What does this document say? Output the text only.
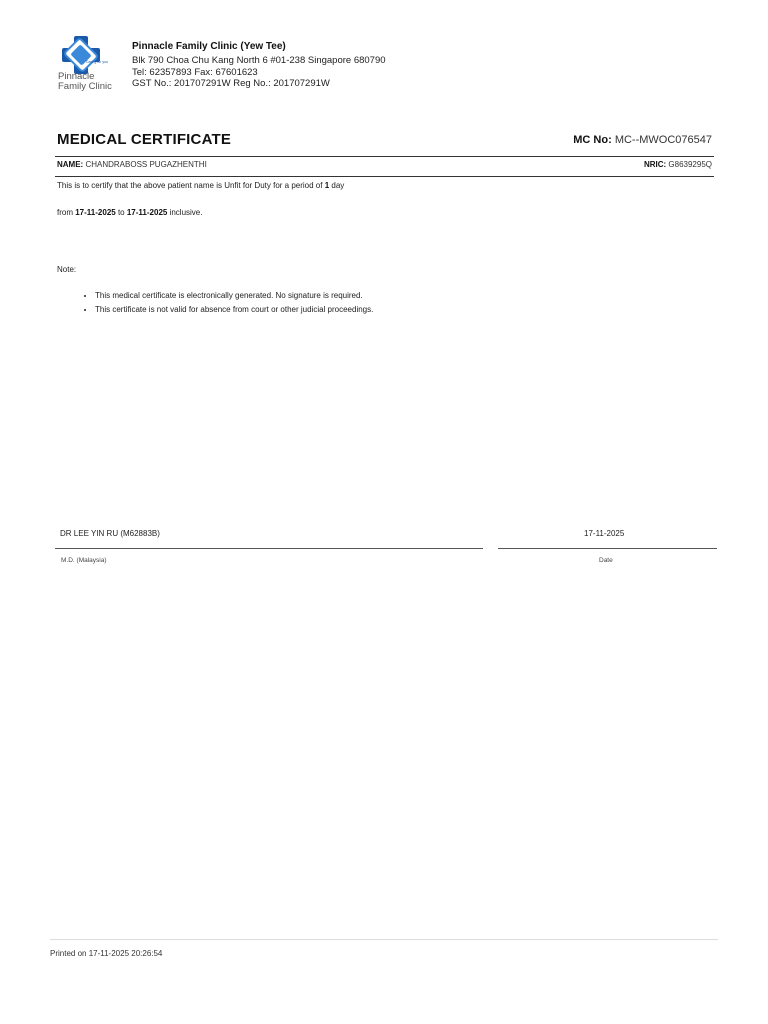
Caring for you
Pinnacle
Family Clinic
Pinnacle Family Clinic (Yew Tee)
Blk 790 Choa Chu Kang North 6 #01-238 Singapore 680790
Tel: 62357893 Fax: 67601623
GST No.: 201707291W Reg No.: 201707291W
MEDICAL CERTIFICATE	MC No: MC--MWOC076547
NAME: CHANDRABOSS PUGAZHENTHI	NRIC: G8639295Q
This is to certify that the above patient name is Unfit for Duty for a period of 1 day
from 17-11-2025 to 17-11-2025 inclusive.
Note:
• This medical certificate is electronically generated. No signature is required.
• This certificate is not valid for absence from court or other judicial proceedings.
DR LEE YIN RU (M62883B)
M.D. (Malaysia)
17-11-2025
Date
Printed on 17-11-2025 20:26:54
